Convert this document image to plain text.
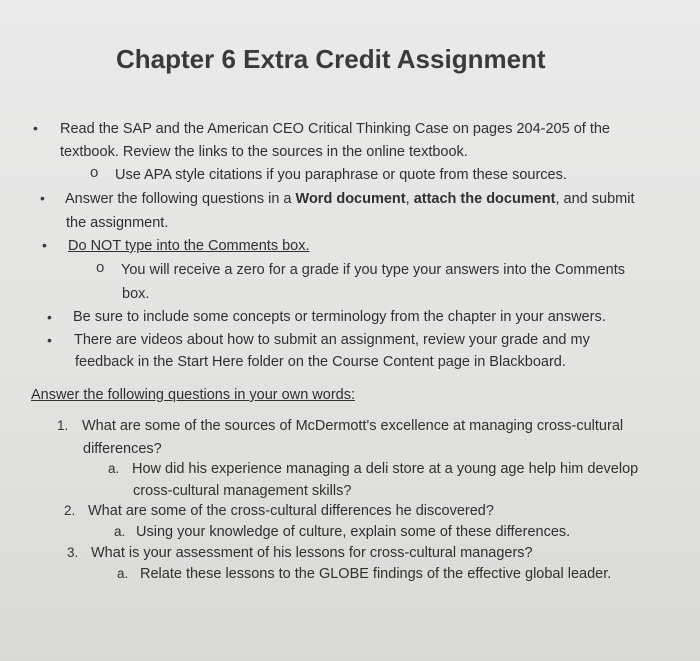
Chapter 6 Extra Credit Assignment
• Read the SAP and the American CEO Critical Thinking Case on pages 204-205 of the
textbook. Review the links to the sources in the online textbook.
o Use APA style citations if you paraphrase or quote from these sources.
• Answer the following questions in a Word document, attach the document, and submit
the assignment.
• Do NOT type into the Comments box.
o You will receive a zero for a grade if you type your answers into the Comments
box.
• Be sure to include some concepts or terminology from the chapter in your answers.
• There are videos about how to submit an assignment, review your grade and my
feedback in the Start Here folder on the Course Content page in Blackboard.
Answer the following questions in your own words:
1. What are some of the sources of McDermott's excellence at managing cross-cultural
differences?
a. How did his experience managing a deli store at a young age help him develop
cross-cultural management skills?
2. What are some of the cross-cultural differences he discovered?
a. Using your knowledge of culture, explain some of these differences.
3. What is your assessment of his lessons for cross-cultural managers?
a. Relate these lessons to the GLOBE findings of the effective global leader.
